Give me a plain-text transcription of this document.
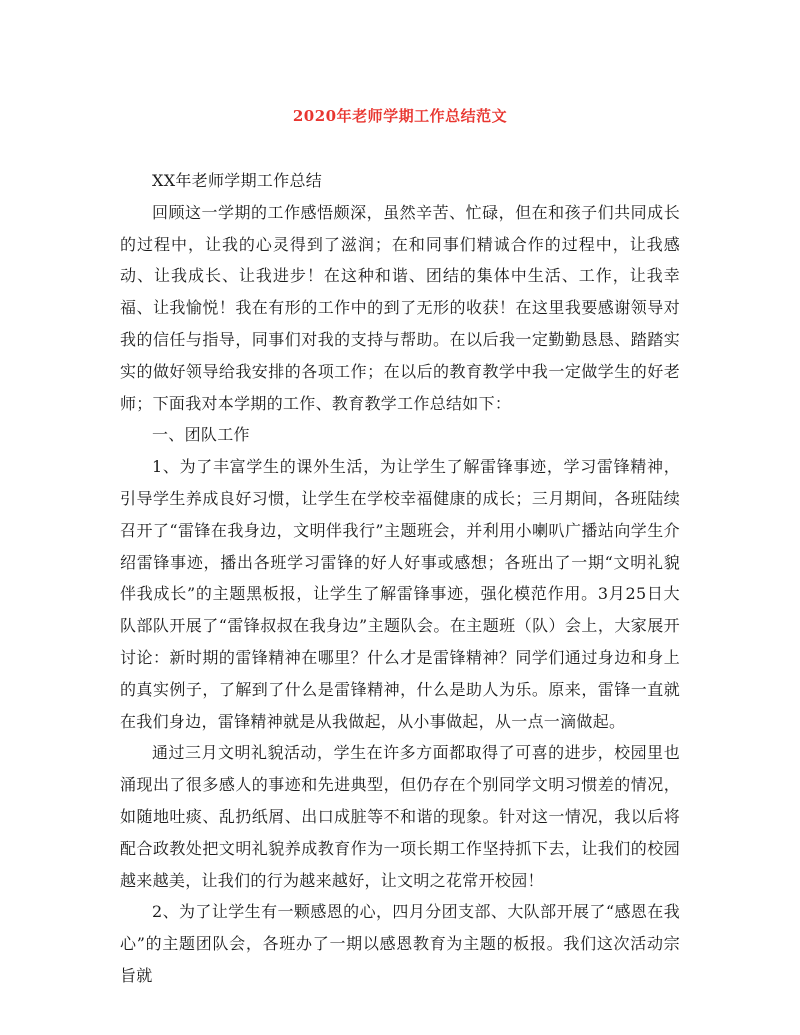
2020年老师学期工作总结范文

XX年老师学期工作总结

回顾这一学期的工作感悟颇深，虽然辛苦、忙碌，但在和孩子们共同成长的过程中，让我的心灵得到了滋润；在和同事们精诚合作的过程中，让我感动、让我成长、让我进步！在这种和谐、团结的集体中生活、工作，让我幸福、让我愉悦！我在有形的工作中的到了无形的收获！在这里我要感谢领导对我的信任与指导，同事们对我的支持与帮助。在以后我一定勤勤恳恳、踏踏实实的做好领导给我安排的各项工作；在以后的教育教学中我一定做学生的好老师；下面我对本学期的工作、教育教学工作总结如下：

一、团队工作

1、为了丰富学生的课外生活，为让学生了解雷锋事迹，学习雷锋精神，引导学生养成良好习惯，让学生在学校幸福健康的成长；三月期间，各班陆续召开了“雷锋在我身边，文明伴我行”主题班会，并利用小喇叭广播站向学生介绍雷锋事迹，播出各班学习雷锋的好人好事或感想；各班出了一期“文明礼貌伴我成长”的主题黑板报，让学生了解雷锋事迹，强化模范作用。3月25日大队部队开展了“雷锋叔叔在我身边”主题队会。在主题班（队）会上，大家展开讨论：新时期的雷锋精神在哪里？什么才是雷锋精神？同学们通过身边和身上的真实例子，了解到了什么是雷锋精神，什么是助人为乐。原来，雷锋一直就在我们身边，雷锋精神就是从我做起，从小事做起，从一点一滴做起。

通过三月文明礼貌活动，学生在许多方面都取得了可喜的进步，校园里也涌现出了很多感人的事迹和先进典型，但仍存在个别同学文明习惯差的情况，如随地吐痰、乱扔纸屑、出口成脏等不和谐的现象。针对这一情况，我以后将配合政教处把文明礼貌养成教育作为一项长期工作坚持抓下去，让我们的校园越来越美，让我们的行为越来越好，让文明之花常开校园！

2、为了让学生有一颗感恩的心，四月分团支部、大队部开展了“感恩在我心”的主题团队会，各班办了一期以感恩教育为主题的板报。我们这次活动宗旨就
